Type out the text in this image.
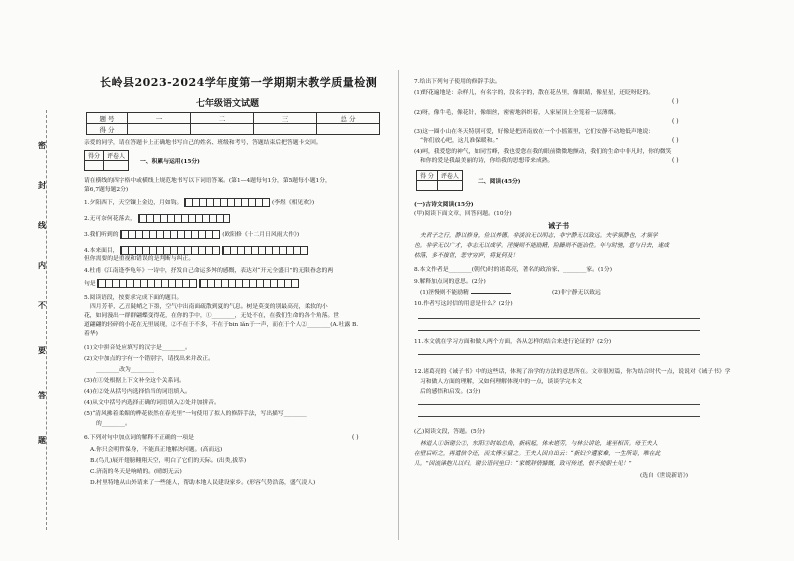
密
封
线
内
不
要
答
题
长岭县2023-2024学年度第一学期期末教学质量检测
七年级语文试题
题 号	一	二	三	总 分
得 分				
亲爱的同学，请在答题卡上正确地书写自己的姓名、班级和考号，答题结束后把答题卡交回。
得分	评卷人

一、积累与运用(15分)
请在横线的四字格中或横线上规范地书写以下词语答案。(第1—4题每句1分，第5题每小题1分，
第6,7题每题2分)
1.夕阳西下，天空镶上金边，月如钩。	(李煜《相见欢》)
2.无可奈何花落去，
3.我们听到的	(欧阳修《十二月日风雨大作》)
4.本来面目，
但你需要的是重视和错误的是判断与纠正。
4.杜甫《江南逢李龟年》一诗中，抒发自己命运多舛的感慨，表达对“开元全盛日”的无限眷念的两
句是
5.阅读语段，按要求完成下面的题目。
四月芳菲，乙丑陡峭之下墨，空气中出南面疏散到夏的气息。树是莫变的别最高亮，柔软的小
花，如同漫出一群群翩蝶变得花，在你的手中，①________，无处不在，在我们生命的各个角落。世
道翩翩的轻碎的小花在无里展现，②不在于不多，不在于bin lǎn于一声，而在于个人②________(A.吐露 B.
着华)
(1)文中拼音处应填写的汉字是________。
(2)文中加点的字有一个错别字，请找出来并改正。
________改为________
(3)在①处根据上下文补全这个关系词。
(4)在②处从括号内选择恰当的词语填入。
(4)从文中括号内选择正确的词语填入②处并加拼音。
(5)“清风拂着柔媚的桦花依然在春光里”一句使用了拟人的修辞手法，写出描写________
的________。
6.下列对句中加点词的解释不正确的一项是	( )
A.你只会明哲保身，不能真正地解决问题。(高而远)
B.(鸟儿)展开翅膀翱翔天空，明白了它们的天际。(出类,拔萃)
C.济南的冬天是响晴的。(晴朗无云)
D.村里特地从山外请来了一些能人，帮助本地人民建设家乡。(形容气势浩荡，盛气凌人)
7.给出下列句子使用的修辞手法。
(1)野花遍地是：杂样儿，有名字的，没名字的，散在花丛里，像眼睛，像星星，还眨呀眨的。
( )
(2)呀，像牛毛，像花针，像细丝，密密地斜织着，人家屋顶上全笼着一层薄烟。
( )
(3)这一圈小山在冬天特别可爱，好像是把济南放在一个小摇篮里，它们安静不动地低声地说：
“你们放心吧，这儿准保暖和。”	( )
(4)呵，我爱您的神气，如同雪峰，我也爱您在我的眼前微微地颤动，我们的生命中非凡时，你的微笑
和你的爱是我最美丽的诗，你给我的思想带来成熟。	( )
得 分	评卷人

二、阅读(45分)
(一)古诗文阅读(15分)
(甲)阅读下面文章，回答问题。(10分)
诫子书
夫君子之行，静以修身，俭以养德。非淡泊无以明志，非宁静无以致远。夫学须静也，才须学
也。非学无以广才，非志无以成学。淫慢则不能励精，险躁则不能冶性。年与时驰，意与日去，遂成
枯落，多不接世，悲守穷庐，将复何及！
8.本文作者是________(朝代)时的诸葛亮，著名的政治家、________家。(1分)
9.解释加点词的意思。(2分)
(1)淫慢则不能励精	(2)非宁静无以致远
10.作者写这封信的用意是什么？(2分)
11.本文就在学习方面和做人两个方面，各从怎样的结合来进行论证的？(2分)
12.诸葛亮的《诫子书》中的这些话，体现了治学的方法的意思所在。文章很短篇，你为结合时代一点，说说对《诫子书》学
习和做人方面的理解，又如何理解体现中的一点，谈谈学完本文
后的感悟和启发。(3分)
(乙)阅读文段，答题。(5分)
林道人①诣谢公②，东阳③时始总角，新病起，体未堪劳，与林公讲论，遂至相苦。母王夫人
在壁后听之，再遣信令还，而太傅④留之。王夫人因自出云：“新妇少遭家难，一生所寄，唯在此
儿。”因流涕抱儿以归。谢公语同坐曰：“家嫂辞情慷慨，致可传述，恨不使朝士见！”
(选自《世说新语》)
